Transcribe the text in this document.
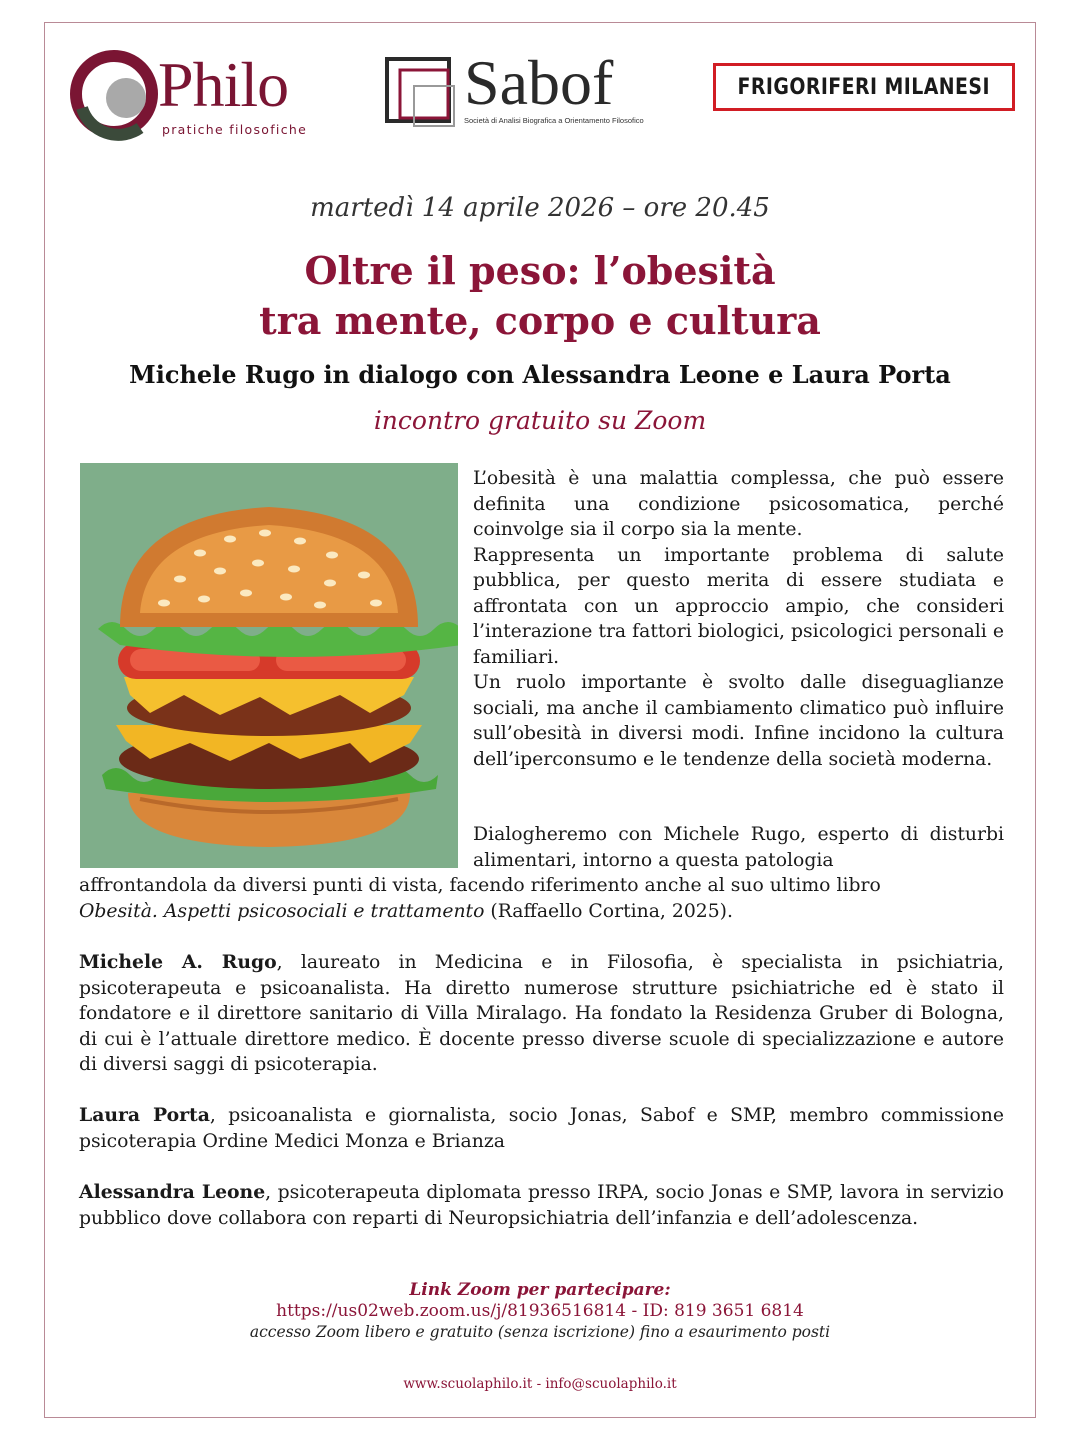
Philo
pratiche filosofiche
Sabof
Società di Analisi Biografica a Orientamento Filosofico
FRIGORIFERI MILANESI
martedì 14 aprile 2026 – ore 20.45
Oltre il peso: l’obesità
tra mente, corpo e cultura
Michele Rugo in dialogo con Alessandra Leone e Laura Porta
incontro gratuito su Zoom
L’obesità è una malattia complessa, che può essere definita una condizione psicosomatica, perché coinvolge sia il corpo sia la mente.
Rappresenta un importante problema di salute pubblica, per questo merita di essere studiata e affrontata con un approccio ampio, che consideri l’interazione tra fattori biologici, psicologici personali e familiari.
Un ruolo importante è svolto dalle diseguaglianze sociali, ma anche il cambiamento climatico può influire sull’obesità in diversi modi. Infine incidono la cultura dell’iperconsumo e le tendenze della società moderna.

Dialogheremo con Michele Rugo, esperto di disturbi alimentari, intorno a questa patologia

affrontandola da diversi punti di vista, facendo riferimento anche al suo ultimo libro
Obesità. Aspetti psicosociali e trattamento (Raffaello Cortina, 2025).

Michele A. Rugo, laureato in Medicina e in Filosofia, è specialista in psichiatria, psicoterapeuta e psicoanalista. Ha diretto numerose strutture psichiatriche ed è stato il fondatore e il direttore sanitario di Villa Miralago. Ha fondato la Residenza Gruber di Bologna, di cui è l’attuale direttore medico. È docente presso diverse scuole di specializzazione e autore di diversi saggi di psicoterapia.

Laura Porta, psicoanalista e giornalista, socio Jonas, Sabof e SMP, membro commissione psicoterapia Ordine Medici Monza e Brianza

Alessandra Leone, psicoterapeuta diplomata presso IRPA, socio Jonas e SMP, lavora in servizio pubblico dove collabora con reparti di Neuropsichiatria dell’infanzia e dell’adolescenza.

Link Zoom per partecipare:
https://us02web.zoom.us/j/81936516814 - ID: 819 3651 6814
accesso Zoom libero e gratuito (senza iscrizione) fino a esaurimento posti
www.scuolaphilo.it - info@scuolaphilo.it
